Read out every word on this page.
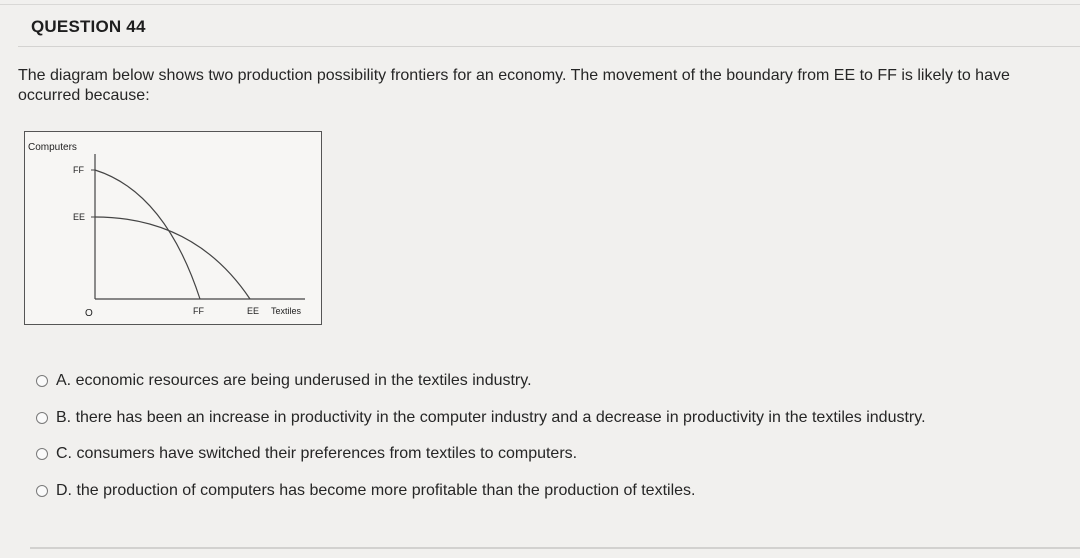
QUESTION 44
The diagram below shows two production possibility frontiers for an economy. The movement of the boundary from EE to FF is likely to have occurred because:
Computers
FF
EE
O	FF	EE Textiles
A. economic resources are being underused in the textiles industry.
B. there has been an increase in productivity in the computer industry and a decrease in productivity in the textiles industry.
C. consumers have switched their preferences from textiles to computers.
D. the production of computers has become more profitable than the production of textiles.
